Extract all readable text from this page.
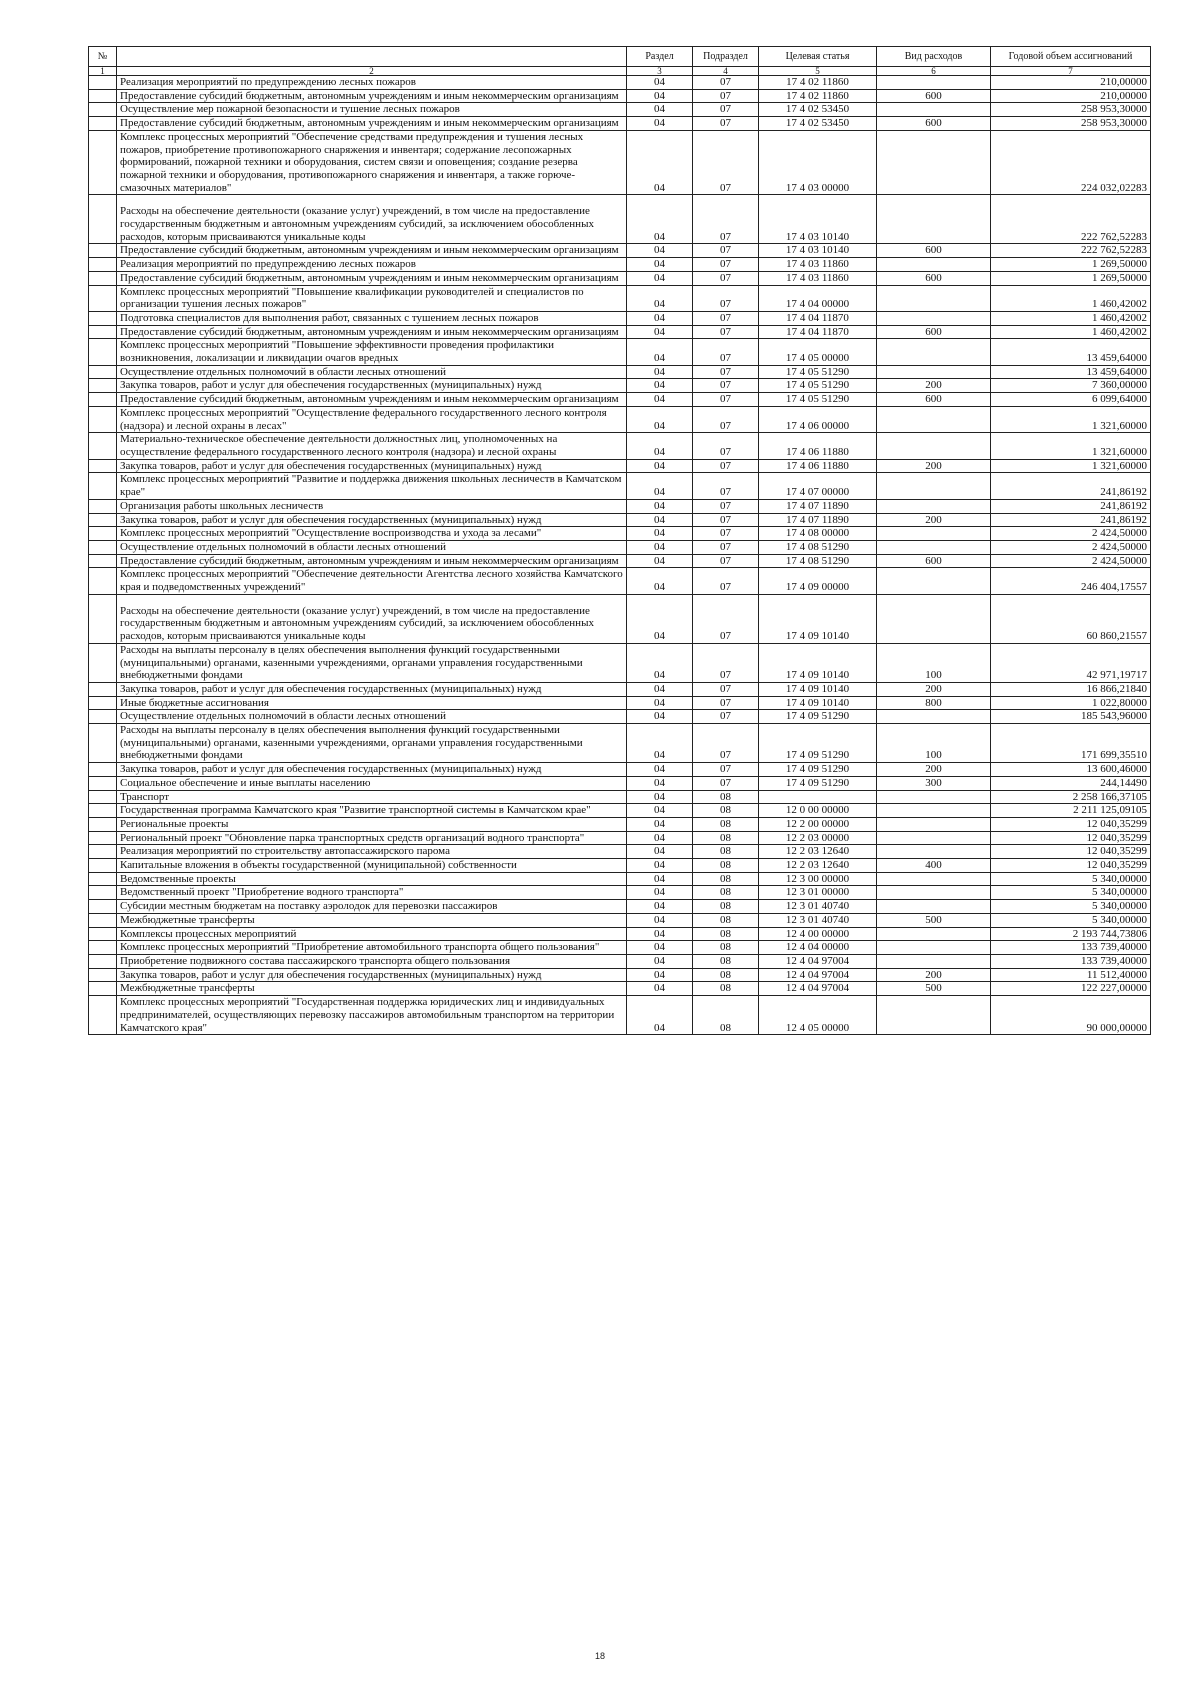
№		Раздел	Подраздел	Целевая статья	Вид расходов	Годовой объем ассигнований
1	2	3	4	5	6	7
	Реализация мероприятий по предупреждению лесных пожаров	04	07	17 4 02 11860		210,00000
	Предоставление субсидий бюджетным, автономным учреждениям и иным некоммерческим организациям	04	07	17 4 02 11860	600	210,00000
	Осуществление мер пожарной безопасности и тушение лесных пожаров	04	07	17 4 02 53450		258 953,30000
	Предоставление субсидий бюджетным, автономным учреждениям и иным некоммерческим организациям	04	07	17 4 02 53450	600	258 953,30000
	Комплекс процессных мероприятий "Обеспечение средствами предупреждения и тушения лесных пожаров, приобретение противопожарного снаряжения и инвентаря; содержание лесопожарных формирований, пожарной техники и оборудования, систем связи и оповещения; создание резерва пожарной техники и оборудования, противопожарного снаряжения и инвентаря, а также горюче-смазочных материалов"	04	07	17 4 03 00000		224 032,02283
	Расходы на обеспечение деятельности (оказание услуг) учреждений, в том числе на предоставление государственным бюджетным и автономным учреждениям субсидий, за исключением обособленных расходов, которым присваиваются уникальные коды	04	07	17 4 03 10140		222 762,52283
	Предоставление субсидий бюджетным, автономным учреждениям и иным некоммерческим организациям	04	07	17 4 03 10140	600	222 762,52283
	Реализация мероприятий по предупреждению лесных пожаров	04	07	17 4 03 11860		1 269,50000
	Предоставление субсидий бюджетным, автономным учреждениям и иным некоммерческим организациям	04	07	17 4 03 11860	600	1 269,50000
	Комплекс процессных мероприятий "Повышение квалификации руководителей и специалистов по организации тушения лесных пожаров"	04	07	17 4 04 00000		1 460,42002
	Подготовка специалистов для выполнения работ, связанных с тушением лесных пожаров	04	07	17 4 04 11870		1 460,42002
	Предоставление субсидий бюджетным, автономным учреждениям и иным некоммерческим организациям	04	07	17 4 04 11870	600	1 460,42002
	Комплекс процессных мероприятий "Повышение эффективности проведения профилактики возникновения, локализации и ликвидации очагов вредных	04	07	17 4 05 00000		13 459,64000
	Осуществление отдельных полномочий в области лесных отношений	04	07	17 4 05 51290		13 459,64000
	Закупка товаров, работ и услуг для обеспечения государственных (муниципальных) нужд	04	07	17 4 05 51290	200	7 360,00000
	Предоставление субсидий бюджетным, автономным учреждениям и иным некоммерческим организациям	04	07	17 4 05 51290	600	6 099,64000
	Комплекс процессных мероприятий "Осуществление федерального государственного лесного контроля (надзора) и лесной охраны в лесах"	04	07	17 4 06 00000		1 321,60000
	Материально-техническое обеспечение деятельности должностных лиц, уполномоченных на осуществление федерального государственного лесного контроля (надзора) и лесной охраны	04	07	17 4 06 11880		1 321,60000
	Закупка товаров, работ и услуг для обеспечения государственных (муниципальных) нужд	04	07	17 4 06 11880	200	1 321,60000
	Комплекс процессных мероприятий "Развитие и поддержка движения школьных лесничеств в Камчатском крае"	04	07	17 4 07 00000		241,86192
	Организация работы школьных лесничеств	04	07	17 4 07 11890		241,86192
	Закупка товаров, работ и услуг для обеспечения государственных (муниципальных) нужд	04	07	17 4 07 11890	200	241,86192
	Комплекс процессных мероприятий "Осуществление воспроизводства и ухода за лесами"	04	07	17 4 08 00000		2 424,50000
	Осуществление отдельных полномочий в области лесных отношений	04	07	17 4 08 51290		2 424,50000
	Предоставление субсидий бюджетным, автономным учреждениям и иным некоммерческим организациям	04	07	17 4 08 51290	600	2 424,50000
	Комплекс процессных мероприятий "Обеспечение деятельности Агентства лесного хозяйства Камчатского края и подведомственных учреждений"	04	07	17 4 09 00000		246 404,17557
	Расходы на обеспечение деятельности (оказание услуг) учреждений, в том числе на предоставление государственным бюджетным и автономным учреждениям субсидий, за исключением обособленных расходов, которым присваиваются уникальные коды	04	07	17 4 09 10140		60 860,21557
	Расходы на выплаты персоналу в целях обеспечения выполнения функций государственными (муниципальными) органами, казенными учреждениями, органами управления государственными внебюджетными фондами	04	07	17 4 09 10140	100	42 971,19717
	Закупка товаров, работ и услуг для обеспечения государственных (муниципальных) нужд	04	07	17 4 09 10140	200	16 866,21840
	Иные бюджетные ассигнования	04	07	17 4 09 10140	800	1 022,80000
	Осуществление отдельных полномочий в области лесных отношений	04	07	17 4 09 51290		185 543,96000
	Расходы на выплаты персоналу в целях обеспечения выполнения функций государственными (муниципальными) органами, казенными учреждениями, органами управления государственными внебюджетными фондами	04	07	17 4 09 51290	100	171 699,35510
	Закупка товаров, работ и услуг для обеспечения государственных (муниципальных) нужд	04	07	17 4 09 51290	200	13 600,46000
	Социальное обеспечение и иные выплаты населению	04	07	17 4 09 51290	300	244,14490
	Транспорт	04	08			2 258 166,37105
	Государственная программа Камчатского края "Развитие транспортной системы в Камчатском крае"	04	08	12 0 00 00000		2 211 125,09105
	Региональные проекты	04	08	12 2 00 00000		12 040,35299
	Региональный проект "Обновление парка транспортных средств организаций водного транспорта"	04	08	12 2 03 00000		12 040,35299
	Реализация мероприятий по строительству автопассажирского парома	04	08	12 2 03 12640		12 040,35299
	Капитальные вложения в объекты государственной (муниципальной) собственности	04	08	12 2 03 12640	400	12 040,35299
	Ведомственные проекты	04	08	12 3 00 00000		5 340,00000
	Ведомственный проект "Приобретение водного транспорта"	04	08	12 3 01 00000		5 340,00000
	Субсидии местным бюджетам на поставку аэролодок для перевозки пассажиров	04	08	12 3 01 40740		5 340,00000
	Межбюджетные трансферты	04	08	12 3 01 40740	500	5 340,00000
	Комплексы процессных мероприятий	04	08	12 4 00 00000		2 193 744,73806
	Комплекс процессных мероприятий "Приобретение автомобильного транспорта общего пользования"	04	08	12 4 04 00000		133 739,40000
	Приобретение подвижного состава пассажирского транспорта общего пользования	04	08	12 4 04 97004		133 739,40000
	Закупка товаров, работ и услуг для обеспечения государственных (муниципальных) нужд	04	08	12 4 04 97004	200	11 512,40000
	Межбюджетные трансферты	04	08	12 4 04 97004	500	122 227,00000
	Комплекс процессных мероприятий "Государственная поддержка юридических лиц и индивидуальных предпринимателей, осуществляющих перевозку пассажиров автомобильным транспортом на территории Камчатского края"	04	08	12 4 05 00000		90 000,00000
18
